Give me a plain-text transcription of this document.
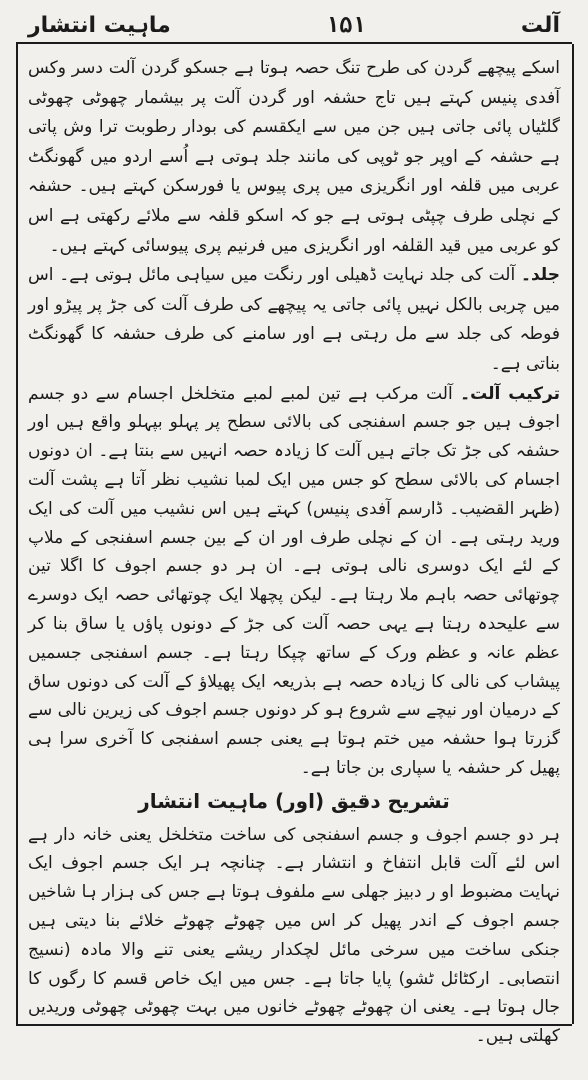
ماہیت انتشار	۱۵۱	آلت

اسکے پیچھے گردن کی طرح تنگ حصہ ہوتا ہے جسکو گردن آلت دسر وکس آفدی پنیس کہتے ہیں تاج حشفہ اور گردن آلت پر بیشمار چھوٹی چھوٹی گلٹیاں پائی جاتی ہیں جن میں سے ایکقسم کی بودار رطوبت ترا وش پاتی ہے حشفہ کے اوپر جو ٹوپی کی مانند جلد ہوتی ہے اُسے اردو میں گھونگٹ عربی میں قلفہ اور انگریزی میں پری پیوس یا فورسکن کہتے ہیں۔ حشفہ کے نچلی طرف چپٹی ہوتی ہے جو کہ اسکو قلفہ سے ملائے رکھتی ہے اس کو عربی میں قید القلفہ اور انگریزی میں فرنیم پری پیوسائی کہتے ہیں۔

جلد۔ آلت کی جلد نہایت ڈھیلی اور رنگت میں سیاہی مائل ہوتی ہے۔ اس میں چربی بالکل نہیں پائی جاتی یہ پیچھے کی طرف آلت کی جڑ پر پیڑو اور فوطہ کی جلد سے مل رہتی ہے اور سامنے کی طرف حشفہ کا گھونگٹ بناتی ہے۔

ترکیب آلت۔ آلت مرکب ہے تین لمبے لمبے متخلخل اجسام سے دو جسم اجوف ہیں جو جسم اسفنجی کی بالائی سطح پر پہلو بپہلو واقع ہیں اور حشفہ کی جڑ تک جاتے ہیں آلت کا زیادہ حصہ انہیں سے بنتا ہے۔ ان دونوں اجسام کی بالائی سطح کو جس میں ایک لمبا نشیب نظر آتا ہے پشت آلت (ظہر القضیب۔ ڈارسم آفدی پنیس) کہتے ہیں اس نشیب میں آلت کی ایک ورید رہتی ہے۔ ان کے نچلی طرف اور ان کے بین جسم اسفنجی کے ملاپ کے لئے ایک دوسری نالی ہوتی ہے۔ ان ہر دو جسم اجوف کا اگلا تین چوتھائی حصہ باہم ملا رہتا ہے۔ لیکن پچھلا ایک چوتھائی حصہ ایک دوسرے سے علیحدہ رہتا ہے یہی حصہ آلت کی جڑ کے دونوں پاؤں یا ساق بنا کر عظم عانہ و عظم ورک کے ساتھ چپکا رہتا ہے۔ جسم اسفنجی جسمیں پیشاب کی نالی کا زیادہ حصہ ہے بذریعہ ایک پھیلاؤ کے آلت کی دونوں ساق کے درمیان اور نیچے سے شروع ہو کر دونوں جسم اجوف کی زیرین نالی سے گزرتا ہوا حشفہ میں ختم ہوتا ہے یعنی جسم اسفنجی کا آخری سرا ہی پھیل کر حشفہ یا سپاری بن جاتا ہے۔

تشریح دقیق (اور) ماہیت انتشار

ہر دو جسم اجوف و جسم اسفنجی کی ساخت متخلخل یعنی خانہ دار ہے اس لئے آلت قابل انتفاخ و انتشار ہے۔ چنانچہ ہر ایک جسم اجوف ایک نہایت مضبوط او ر دبیز جھلی سے ملفوف ہوتا ہے جس کی ہزار ہا شاخیں جسم اجوف کے اندر پھیل کر اس میں چھوٹے چھوٹے خلائے بنا دیتی ہیں جنکی ساخت میں سرخی مائل لچکدار ریشے یعنی تنے والا مادہ (نسیج انتصابی۔ ارکٹائل ٹشو) پایا جاتا ہے۔ جس میں ایک خاص قسم کا رگوں کا جال ہوتا ہے۔ یعنی ان چھوٹے چھوٹے خانوں میں بہت چھوٹی چھوٹی وریدیں کھلتی ہیں۔
